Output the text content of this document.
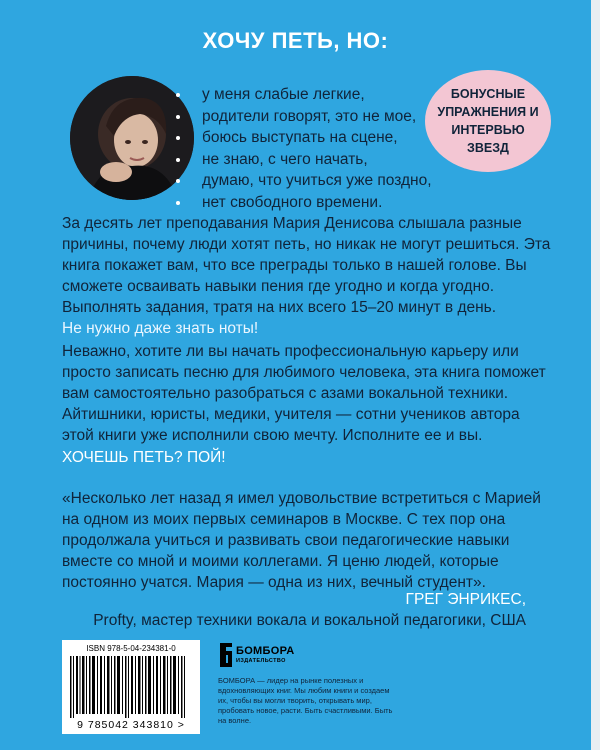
ХОЧУ ПЕТЬ, НО:
у меня слабые легкие,
родители говорят, это не мое,
боюсь выступать на сцене,
не знаю, с чего начать,
думаю, что учиться уже поздно,
нет свободного времени.
БОНУСНЫЕ УПРАЖНЕНИЯ И ИНТЕРВЬЮ ЗВЕЗД
За десять лет преподавания Мария Денисова слышала разные причины, почему люди хотят петь, но никак не могут решиться. Эта книга покажет вам, что все преграды только в нашей голове. Вы сможете осваивать навыки пения где угодно и когда угодно. Выполнять задания, тратя на них всего 15–20 минут в день.
Не нужно даже знать ноты!
Неважно, хотите ли вы начать профессиональную карьеру или просто записать песню для любимого человека, эта книга поможет вам самостоятельно разобраться с азами вокальной техники. Айтишники, юристы, медики, учителя — сотни учеников автора этой книги уже исполнили свою мечту. Исполните ее и вы.
ХОЧЕШЬ ПЕТЬ? ПОЙ!
«Несколько лет назад я имел удовольствие встретиться с Марией на одном из моих первых семинаров в Москве. С тех пор она продолжала учиться и развивать свои педагогические навыки вместе со мной и моими коллегами. Я ценю людей, которые постоянно учатся. Мария — одна из них, вечный студент».
ГРЕГ ЭНРИКЕС,
Profty, мастер техники вокала и вокальной педагогики, США
ISBN 978-5-04-234381-0
9 785042 343810 >
БОМБОРА
ИЗДАТЕЛЬСТВО
БОМБОРА — лидер на рынке полезных и вдохновляющих книг. Мы любим книги и создаем их, чтобы вы могли творить, открывать мир, пробовать новое, расти. Быть счастливыми. Быть на волне.
